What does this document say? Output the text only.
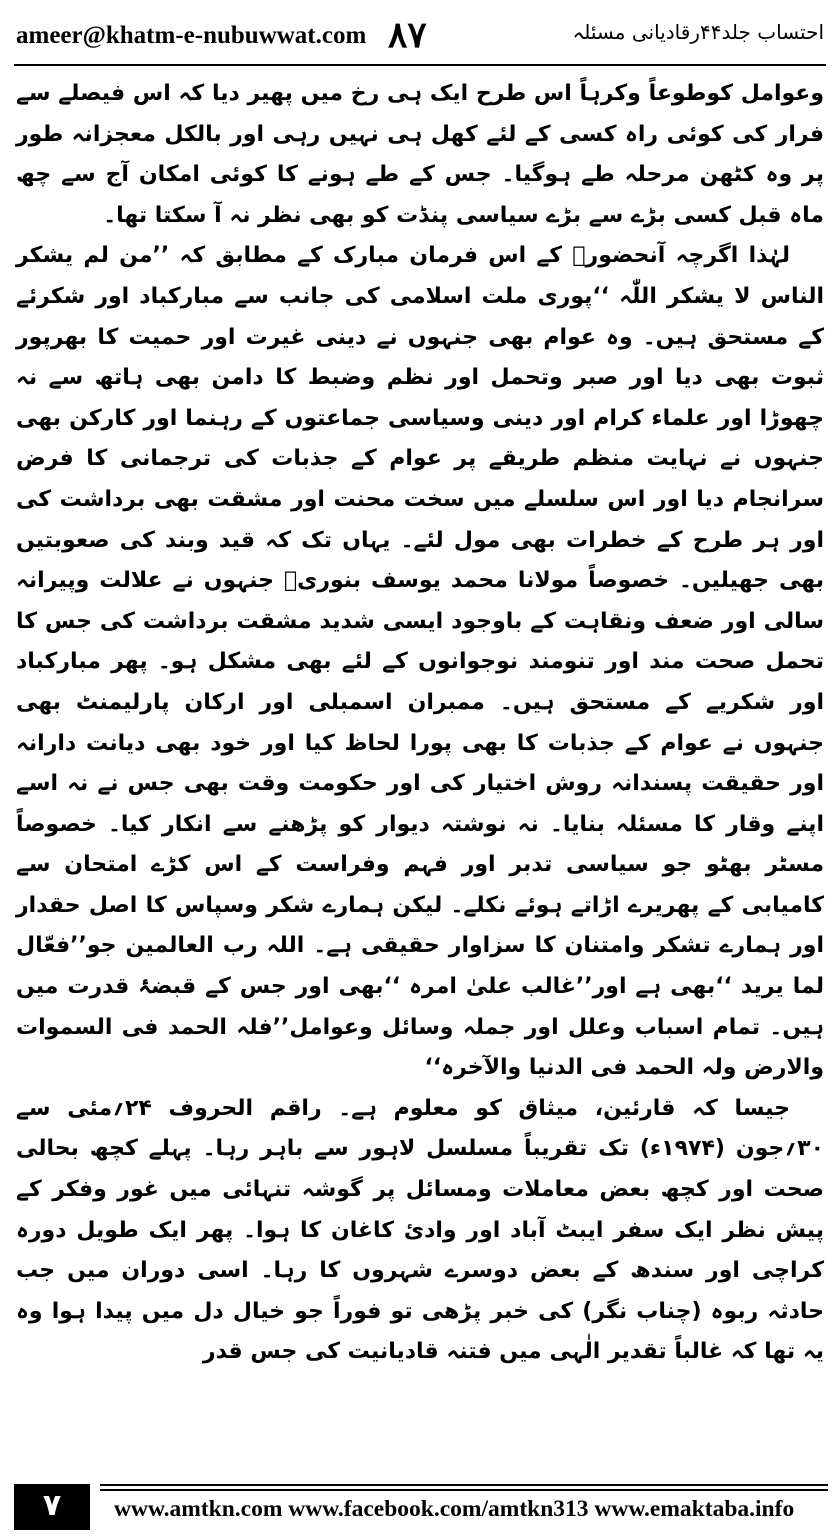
ameer@khatm-e-nubuwwat.com ٨٧	احتساب جلد۴۴رقادیانی مسئلہ

وعوامل کوطوعاً وکرہاً اس طرح ایک ہی رخ میں پھیر دیا کہ اس فیصلے سے فرار کی کوئی راہ کسی کے لئے کھل ہی نہیں رہی اور بالکل معجزانہ طور پر وہ کٹھن مرحلہ طے ہوگیا۔ جس کے طے ہونے کا کوئی امکان آج سے چھ ماہ قبل کسی بڑے سے بڑے سیاسی پنڈت کو بھی نظر نہ آ سکتا تھا۔

لہٰذا اگرچہ آنحضورﷺ کے اس فرمان مبارک کے مطابق کہ ’’من لم یشکر الناس لا یشکر اللّٰہ ‘‘پوری ملت اسلامی کی جانب سے مبارکباد اور شکرئے کے مستحق ہیں۔ وہ عوام بھی جنہوں نے دینی غیرت اور حمیت کا بھرپور ثبوت بھی دیا اور صبر وتحمل اور نظم وضبط کا دامن بھی ہاتھ سے نہ چھوڑا اور علماء کرام اور دینی وسیاسی جماعتوں کے رہنما اور کارکن بھی جنہوں نے نہایت منظم طریقے پر عوام کے جذبات کی ترجمانی کا فرض سرانجام دیا اور اس سلسلے میں سخت محنت اور مشقت بھی برداشت کی اور ہر طرح کے خطرات بھی مول لئے۔ یہاں تک کہ قید وبند کی صعوبتیں بھی جھیلیں۔ خصوصاً مولانا محمد یوسف بنوریؒ جنہوں نے علالت وپیرانہ سالی اور ضعف ونقاہت کے باوجود ایسی شدید مشقت برداشت کی جس کا تحمل صحت مند اور تنومند نوجوانوں کے لئے بھی مشکل ہو۔ پھر مبارکباد اور شکریے کے مستحق ہیں۔ ممبران اسمبلی اور ارکان پارلیمنٹ بھی جنہوں نے عوام کے جذبات کا بھی پورا لحاظ کیا اور خود بھی دیانت دارانہ اور حقیقت پسندانہ روش اختیار کی اور حکومت وقت بھی جس نے نہ اسے اپنے وقار کا مسئلہ بنایا۔ نہ نوشتہ دیوار کو پڑھنے سے انکار کیا۔ خصوصاً مسٹر بھٹو جو سیاسی تدبر اور فہم وفراست کے اس کڑے امتحان سے کامیابی کے پھریرے اڑاتے ہوئے نکلے۔ لیکن ہمارے شکر وسپاس کا اصل حقدار اور ہمارے تشکر وامتنان کا سزاوار حقیقی ہے۔ اللہ رب العالمین جو’’فعّال لما یرید ‘‘بھی ہے اور’’غالب علیٰ امرہ ‘‘بھی اور جس کے قبضۂ قدرت میں ہیں۔ تمام اسباب وعلل اور جملہ وسائل وعوامل’’فلہ الحمد فی السموات والارض ولہ الحمد فی الدنیا والآخرہ‘‘

جیسا کہ قارئین، میثاق کو معلوم ہے۔ راقم الحروف ۲۴؍مئی سے ۳۰؍جون (۱۹۷۴ء) تک تقریباً مسلسل لاہور سے باہر رہا۔ پہلے کچھ بحالی صحت اور کچھ بعض معاملات ومسائل پر گوشہ تنہائی میں غور وفکر کے پیش نظر ایک سفر ایبٹ آباد اور وادیٔ کاغان کا ہوا۔ پھر ایک طویل دورہ کراچی اور سندھ کے بعض دوسرے شہروں کا رہا۔ اسی دوران میں جب حادثہ ربوہ (چناب نگر) کی خبر پڑھی تو فوراً جو خیال دل میں پیدا ہوا وہ یہ تھا کہ غالباً تقدیر الٰہی میں فتنہ قادیانیت کی جس قدر

٧	www.amtkn.com www.facebook.com/amtkn313 www.emaktaba.info
